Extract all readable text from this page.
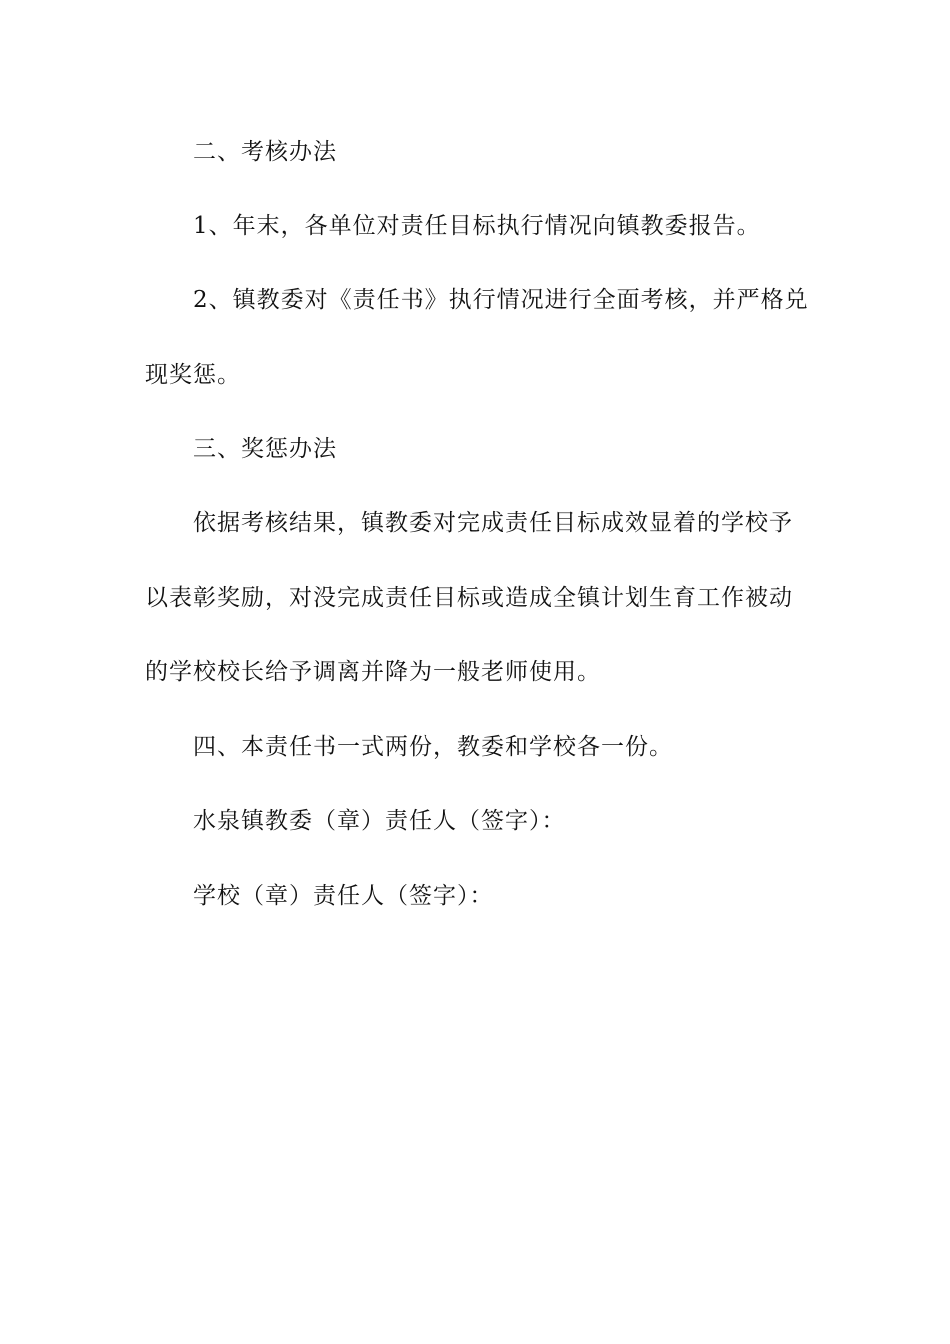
二、考核办法

1、年末，各单位对责任目标执行情况向镇教委报告。

2、镇教委对《责任书》执行情况进行全面考核，并严格兑

现奖惩。

三、奖惩办法

依据考核结果，镇教委对完成责任目标成效显着的学校予

以表彰奖励，对没完成责任目标或造成全镇计划生育工作被动

的学校校长给予调离并降为一般老师使用。

四、本责任书一式两份，教委和学校各一份。

水泉镇教委（章）责任人（签字）：

学校（章）责任人（签字）：
